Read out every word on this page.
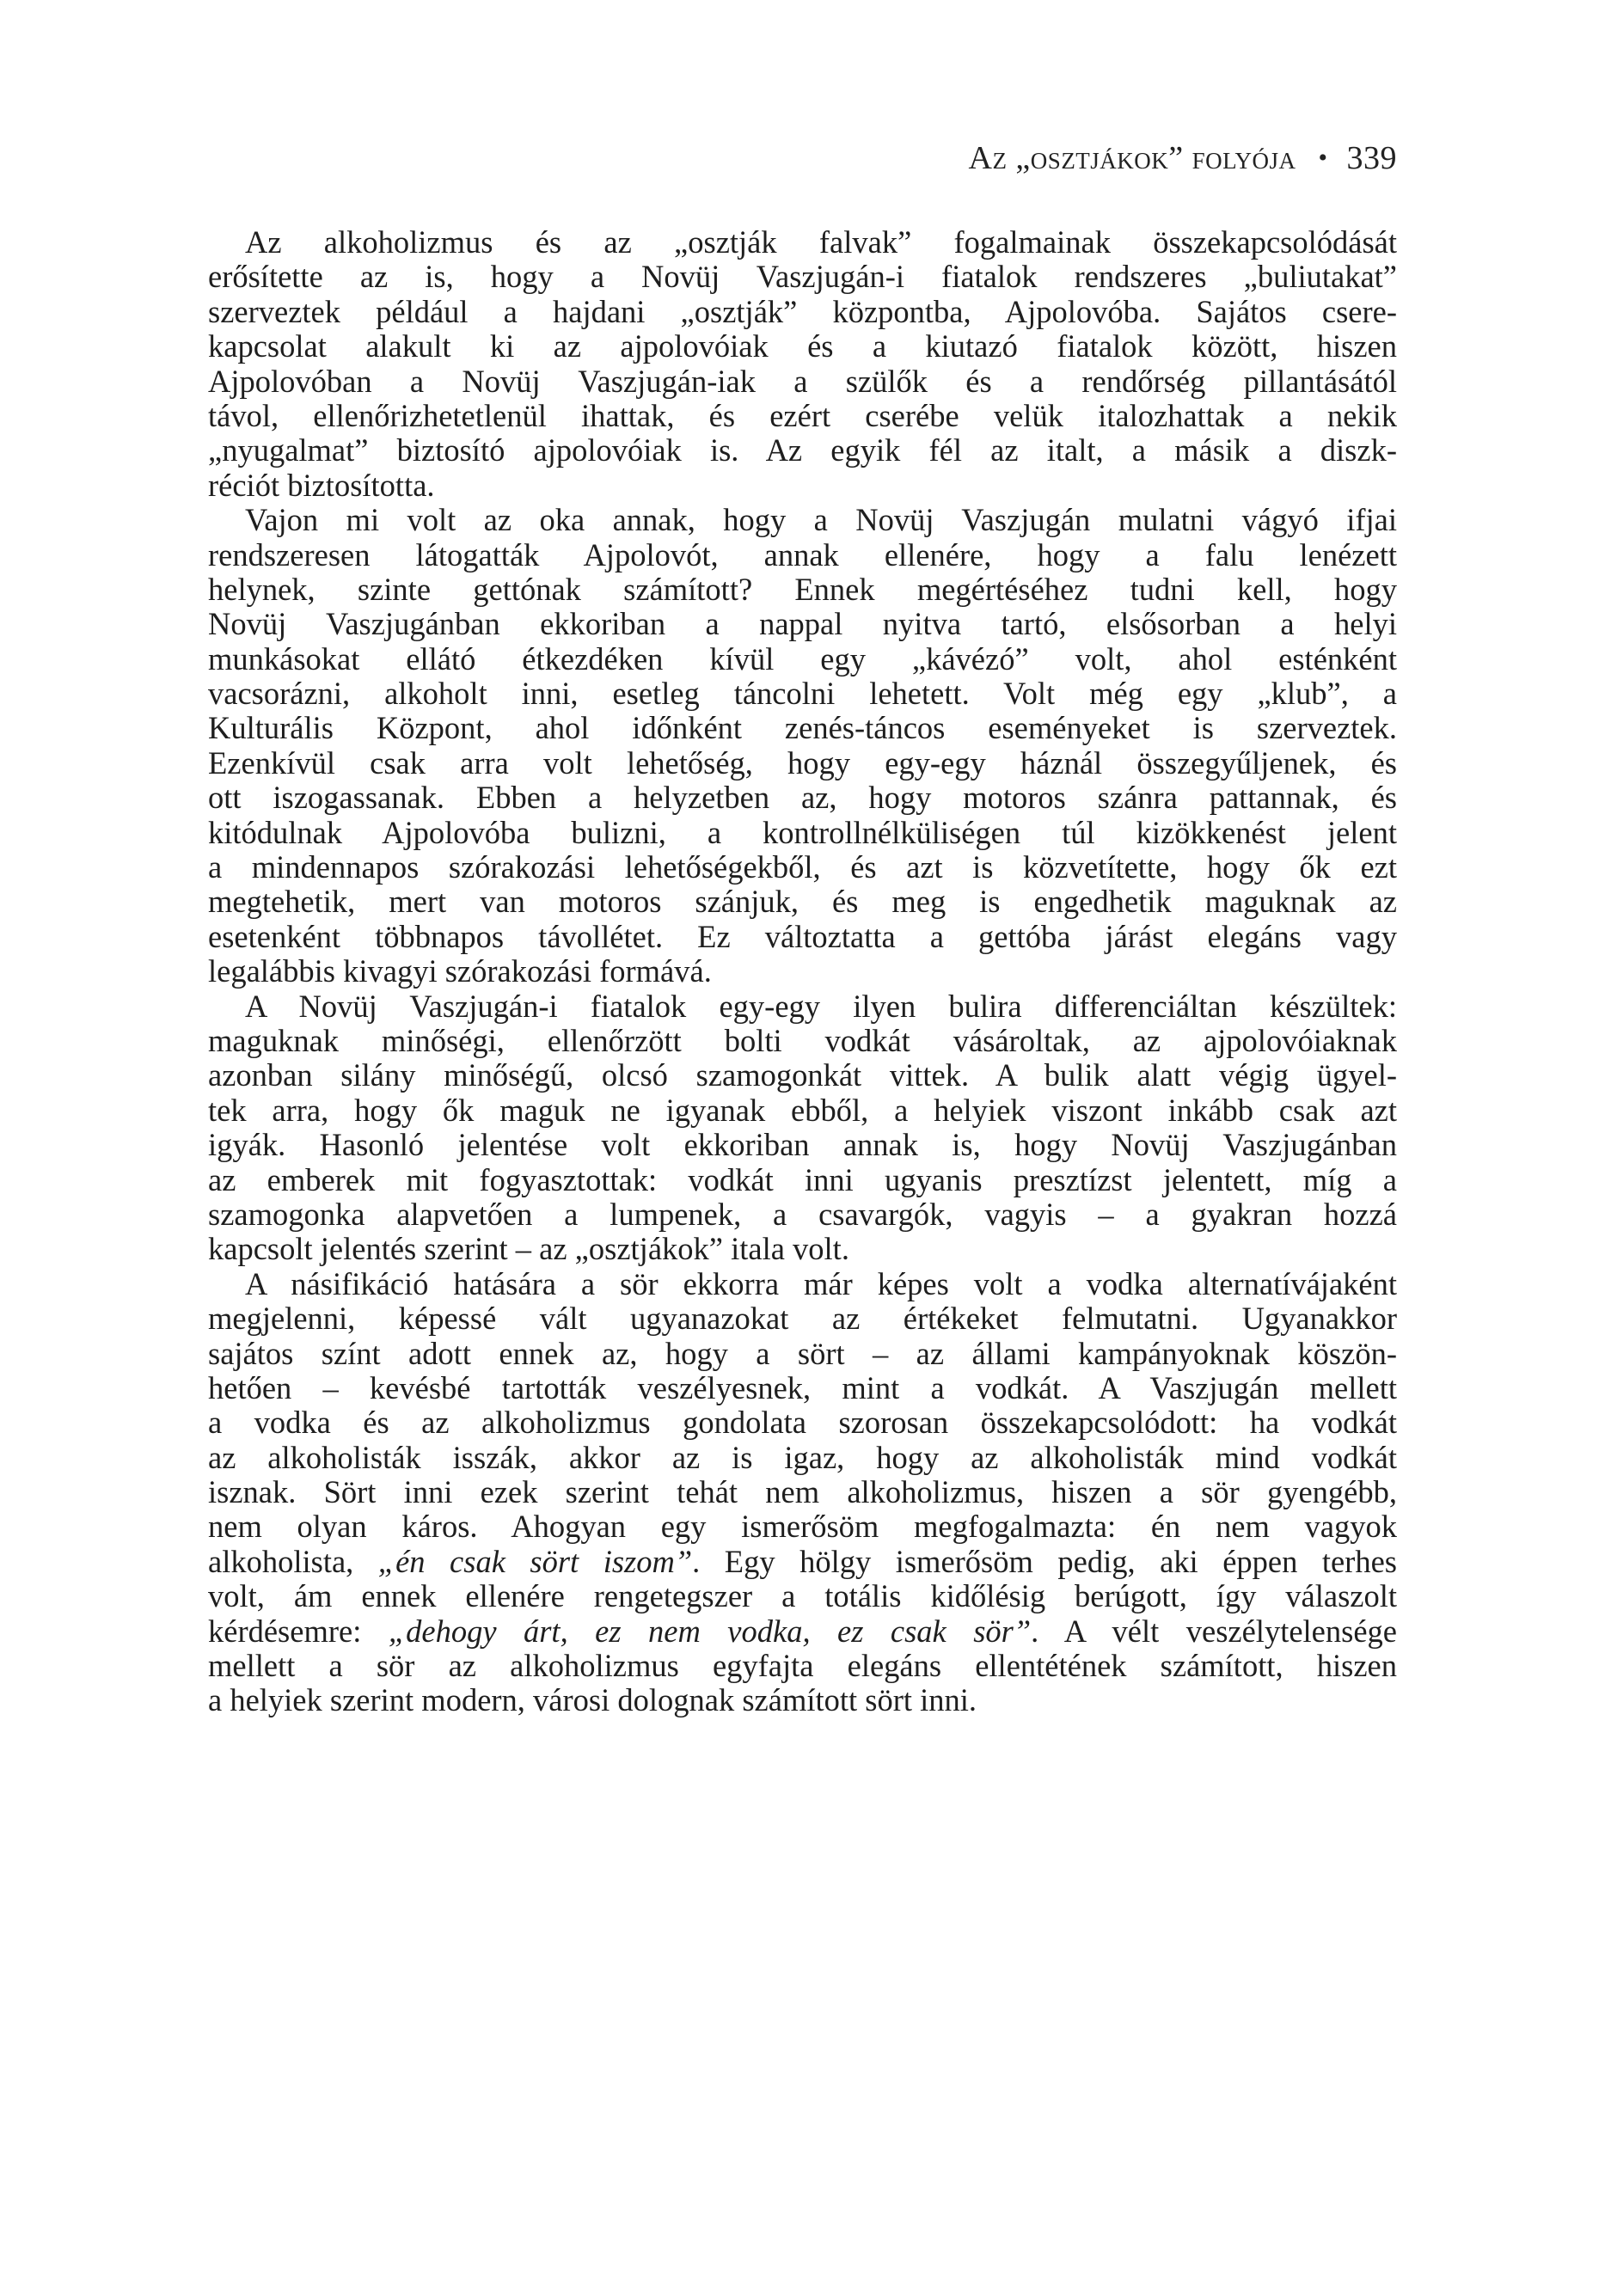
Az „osztjákok” folyója • 339
Az alkoholizmus és az „osztják falvak” fogalmainak összekapcsolódását
erősítette az is, hogy a Novüj Vaszjugán-i fiatalok rendszeres „buliutakat”
szerveztek például a hajdani „osztják” központba, Ajpolovóba. Sajátos csere-
kapcsolat alakult ki az ajpolovóiak és a kiutazó fiatalok között, hiszen
Ajpolovóban a Novüj Vaszjugán-iak a szülők és a rendőrség pillantásától
távol, ellenőrizhetetlenül ihattak, és ezért cserébe velük italozhattak a nekik
„nyugalmat” biztosító ajpolovóiak is. Az egyik fél az italt, a másik a diszk-
réciót biztosította.
Vajon mi volt az oka annak, hogy a Novüj Vaszjugán mulatni vágyó ifjai
rendszeresen látogatták Ajpolovót, annak ellenére, hogy a falu lenézett
helynek, szinte gettónak számított? Ennek megértéséhez tudni kell, hogy
Novüj Vaszjugánban ekkoriban a nappal nyitva tartó, elsősorban a helyi
munkásokat ellátó étkezdéken kívül egy „kávézó” volt, ahol esténként
vacsorázni, alkoholt inni, esetleg táncolni lehetett. Volt még egy „klub”, a
Kulturális Központ, ahol időnként zenés-táncos eseményeket is szerveztek.
Ezenkívül csak arra volt lehetőség, hogy egy-egy háznál összegyűljenek, és
ott iszogassanak. Ebben a helyzetben az, hogy motoros szánra pattannak, és
kitódulnak Ajpolovóba bulizni, a kontrollnélküliségen túl kizökkenést jelent
a mindennapos szórakozási lehetőségekből, és azt is közvetítette, hogy ők ezt
megtehetik, mert van motoros szánjuk, és meg is engedhetik maguknak az
esetenként többnapos távollétet. Ez változtatta a gettóba járást elegáns vagy
legalábbis kivagyi szórakozási formává.
A Novüj Vaszjugán-i fiatalok egy-egy ilyen bulira differenciáltan készültek:
maguknak minőségi, ellenőrzött bolti vodkát vásároltak, az ajpolovóiaknak
azonban silány minőségű, olcsó szamogonkát vittek. A bulik alatt végig ügyel-
tek arra, hogy ők maguk ne igyanak ebből, a helyiek viszont inkább csak azt
igyák. Hasonló jelentése volt ekkoriban annak is, hogy Novüj Vaszjugánban
az emberek mit fogyasztottak: vodkát inni ugyanis presztízst jelentett, míg a
szamogonka alapvetően a lumpenek, a csavargók, vagyis – a gyakran hozzá
kapcsolt jelentés szerint – az „osztjákok” itala volt.
A násifikáció hatására a sör ekkorra már képes volt a vodka alternatívájaként
megjelenni, képessé vált ugyanazokat az értékeket felmutatni. Ugyanakkor
sajátos színt adott ennek az, hogy a sört – az állami kampányoknak köszön-
hetően – kevésbé tartották veszélyesnek, mint a vodkát. A Vaszjugán mellett
a vodka és az alkoholizmus gondolata szorosan összekapcsolódott: ha vodkát
az alkoholisták isszák, akkor az is igaz, hogy az alkoholisták mind vodkát
isznak. Sört inni ezek szerint tehát nem alkoholizmus, hiszen a sör gyengébb,
nem olyan káros. Ahogyan egy ismerősöm megfogalmazta: én nem vagyok
alkoholista, „én csak sört iszom”. Egy hölgy ismerősöm pedig, aki éppen terhes
volt, ám ennek ellenére rengetegszer a totális kidőlésig berúgott, így válaszolt
kérdésemre: „dehogy árt, ez nem vodka, ez csak sör”. A vélt veszélytelensége
mellett a sör az alkoholizmus egyfajta elegáns ellentétének számított, hiszen
a helyiek szerint modern, városi dolognak számított sört inni.
